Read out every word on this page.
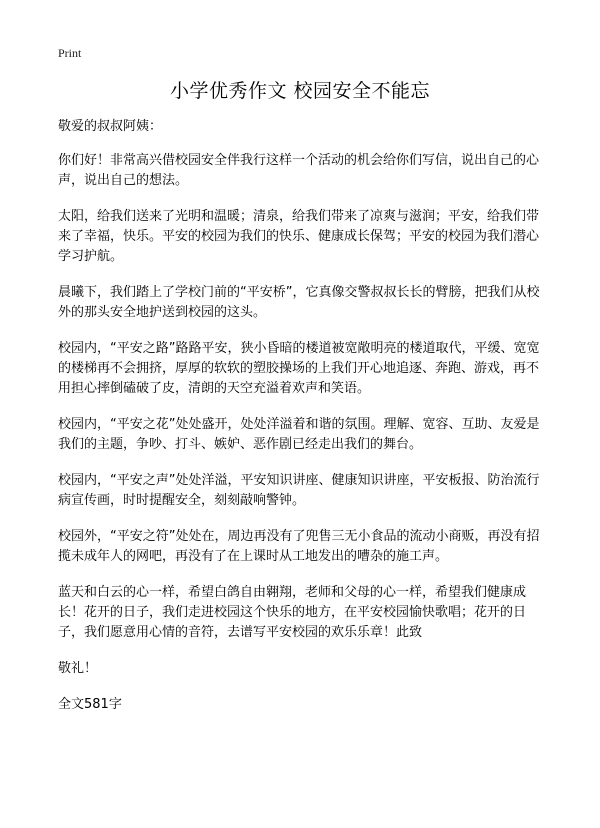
Print
小学优秀作文 校园安全不能忘

敬爱的叔叔阿姨：

你们好！非常高兴借校园安全伴我行这样一个活动的机会给你们写信，说出自己的心声，说出自己的想法。

太阳，给我们送来了光明和温暖；清泉，给我们带来了凉爽与滋润；平安，给我们带来了幸福，快乐。平安的校园为我们的快乐、健康成长保驾；平安的校园为我们潜心学习护航。

晨曦下，我们踏上了学校门前的“平安桥”，它真像交警叔叔长长的臂膀，把我们从校外的那头安全地护送到校园的这头。

校园内，“平安之路”路路平安，狭小昏暗的楼道被宽敞明亮的楼道取代，平缓、宽宽的楼梯再不会拥挤，厚厚的软软的塑胶操场的上我们开心地追逐、奔跑、游戏，再不用担心摔倒磕破了皮，清朗的天空充溢着欢声和笑语。

校园内，“平安之花”处处盛开，处处洋溢着和谐的氛围。理解、宽容、互助、友爱是我们的主题，争吵、打斗、嫉妒、恶作剧已经走出我们的舞台。

校园内，“平安之声”处处洋溢，平安知识讲座、健康知识讲座，平安板报、防治流行病宣传画，时时提醒安全，刻刻敲响警钟。

校园外，“平安之符”处处在，周边再没有了兜售三无小食品的流动小商贩，再没有招揽未成年人的网吧，再没有了在上课时从工地发出的嘈杂的施工声。

蓝天和白云的心一样，希望白鸽自由翱翔，老师和父母的心一样，希望我们健康成长！花开的日子，我们走进校园这个快乐的地方，在平安校园愉快歌唱；花开的日子，我们愿意用心情的音符，去谱写平安校园的欢乐乐章！此致

敬礼！

全文581字
